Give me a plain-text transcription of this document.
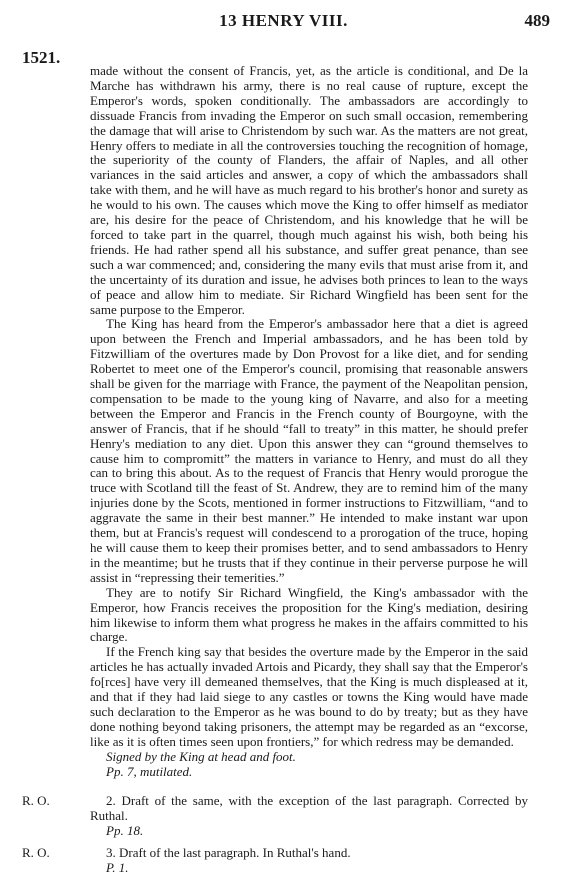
13 HENRY VIII.	489
1521.

made without the consent of Francis, yet, as the article is conditional, and De la Marche has withdrawn his army, there is no real cause of rupture, except the Emperor's words, spoken conditionally. The ambassadors are accordingly to dissuade Francis from invading the Emperor on such small occasion, remembering the damage that will arise to Christendom by such war. As the matters are not great, Henry offers to mediate in all the controversies touching the recognition of homage, the superiority of the county of Flanders, the affair of Naples, and all other variances in the said articles and answer, a copy of which the ambassadors shall take with them, and he will have as much regard to his brother's honor and surety as he would to his own. The causes which move the King to offer himself as mediator are, his desire for the peace of Christendom, and his knowledge that he will be forced to take part in the quarrel, though much against his wish, both being his friends. He had rather spend all his substance, and suffer great penance, than see such a war commenced; and, considering the many evils that must arise from it, and the uncertainty of its duration and issue, he advises both princes to lean to the ways of peace and allow him to mediate. Sir Richard Wingfield has been sent for the same purpose to the Emperor.

The King has heard from the Emperor's ambassador here that a diet is agreed upon between the French and Imperial ambassadors, and he has been told by Fitzwilliam of the overtures made by Don Provost for a like diet, and for sending Robertet to meet one of the Emperor's council, promising that reasonable answers shall be given for the marriage with France, the payment of the Neapolitan pension, compensation to be made to the young king of Navarre, and also for a meeting between the Emperor and Francis in the French county of Bourgoyne, with the answer of Francis, that if he should “fall to treaty” in this matter, he should prefer Henry's mediation to any diet. Upon this answer they can “ground themselves to cause him to compromitt” the matters in variance to Henry, and must do all they can to bring this about. As to the request of Francis that Henry would prorogue the truce with Scotland till the feast of St. Andrew, they are to remind him of the many injuries done by the Scots, mentioned in former instructions to Fitzwilliam, “and to aggravate the same in their best manner.” He intended to make instant war upon them, but at Francis's request will condescend to a prorogation of the truce, hoping he will cause them to keep their promises better, and to send ambassadors to Henry in the meantime; but he trusts that if they continue in their perverse purpose he will assist in “repressing their temerities.”

They are to notify Sir Richard Wingfield, the King's ambassador with the Emperor, how Francis receives the proposition for the King's mediation, desiring him likewise to inform them what progress he makes in the affairs committed to his charge.

If the French king say that besides the overture made by the Emperor in the said articles he has actually invaded Artois and Picardy, they shall say that the Emperor's fo[rces] have very ill demeaned themselves, that the King is much displeased at it, and that if they had laid siege to any castles or towns the King would have made such declaration to the Emperor as he was bound to do by treaty; but as they have done nothing beyond taking prisoners, the attempt may be regarded as an “excorse, like as it is often times seen upon frontiers,” for which redress may be demanded.

Signed by the King at head and foot.

Pp. 7, mutilated.

R. O.	2. Draft of the same, with the exception of the last paragraph. Corrected by Ruthal.
Pp. 18.
R. O.	3. Draft of the last paragraph. In Ruthal's hand.
P. 1.
